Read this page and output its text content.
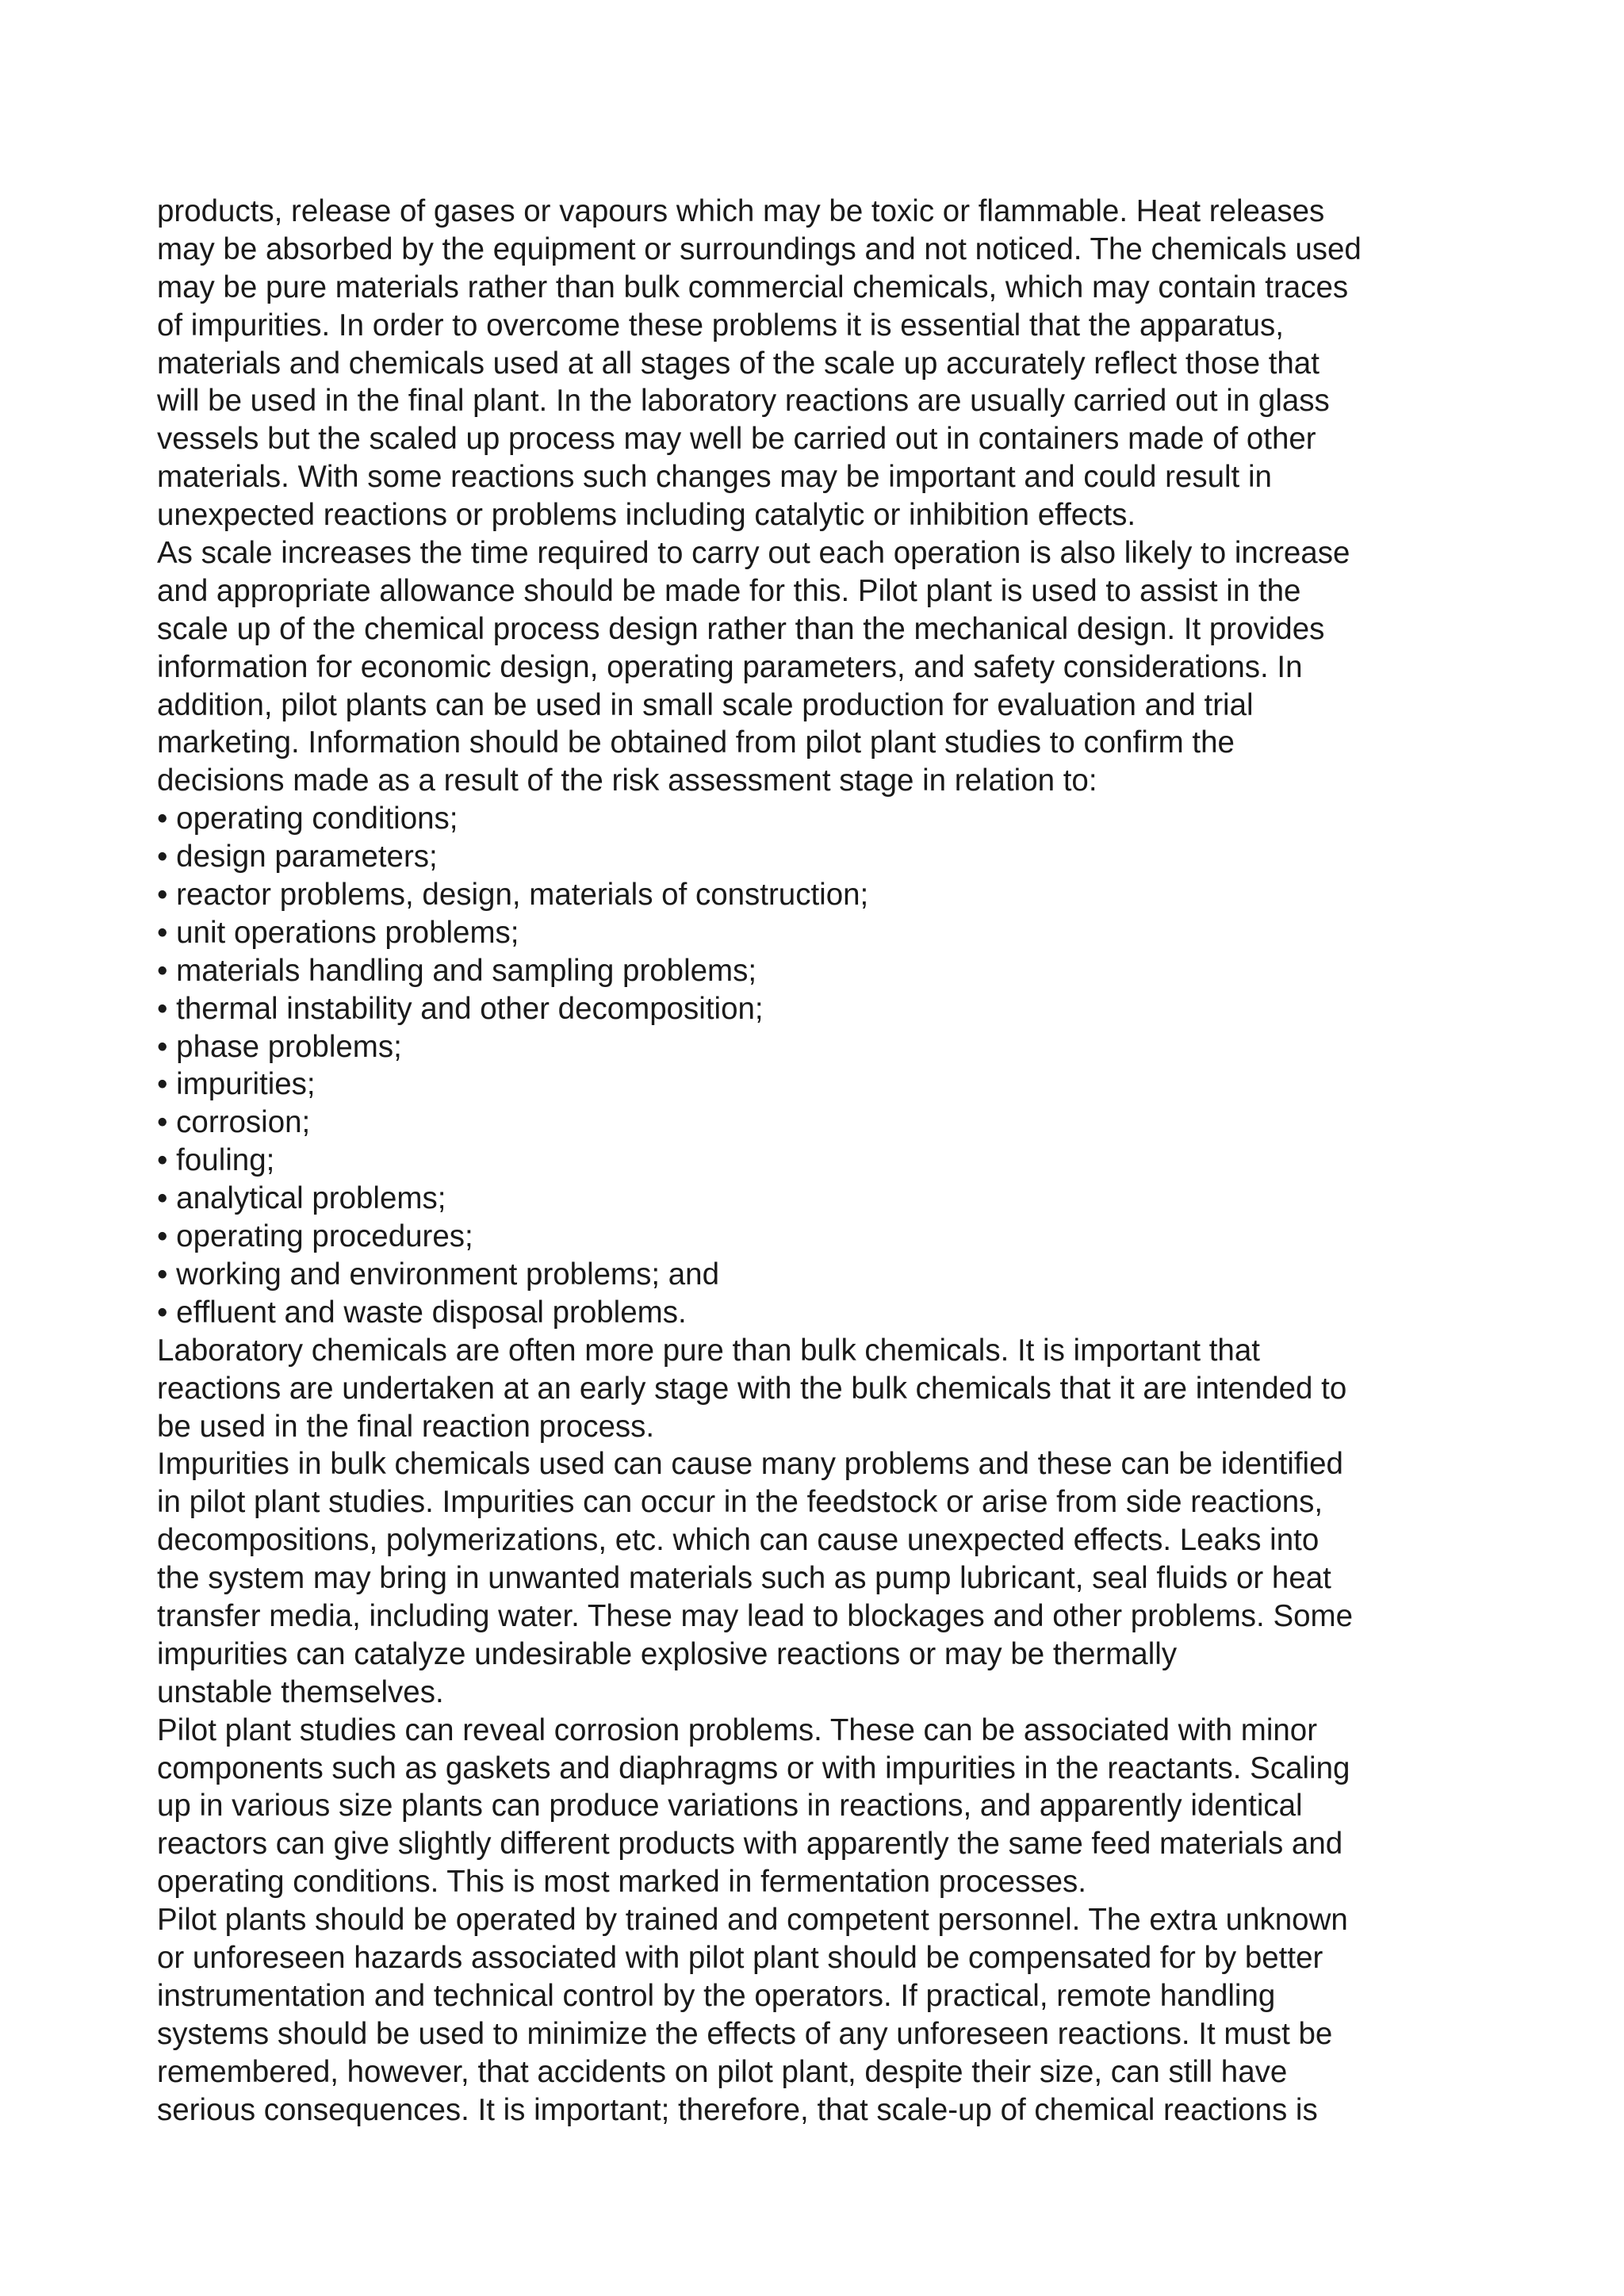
products, release of gases or vapours which may be toxic or flammable. Heat releases
may be absorbed by the equipment or surroundings and not noticed. The chemicals used
may be pure materials rather than bulk commercial chemicals, which may contain traces
of impurities. In order to overcome these problems it is essential that the apparatus,
materials and chemicals used at all stages of the scale up accurately reflect those that
will be used in the final plant. In the laboratory reactions are usually carried out in glass
vessels but the scaled up process may well be carried out in containers made of other
materials. With some reactions such changes may be important and could result in
unexpected reactions or problems including catalytic or inhibition effects.
As scale increases the time required to carry out each operation is also likely to increase
and appropriate allowance should be made for this. Pilot plant is used to assist in the
scale up of the chemical process design rather than the mechanical design. It provides
information for economic design, operating parameters, and safety considerations. In
addition, pilot plants can be used in small scale production for evaluation and trial
marketing. Information should be obtained from pilot plant studies to confirm the
decisions made as a result of the risk assessment stage in relation to:
• operating conditions;
• design parameters;
• reactor problems, design, materials of construction;
• unit operations problems;
• materials handling and sampling problems;
• thermal instability and other decomposition;
• phase problems;
• impurities;
• corrosion;
• fouling;
• analytical problems;
• operating procedures;
• working and environment problems; and
• effluent and waste disposal problems.
Laboratory chemicals are often more pure than bulk chemicals. It is important that
reactions are undertaken at an early stage with the bulk chemicals that it are intended to
be used in the final reaction process.
Impurities in bulk chemicals used can cause many problems and these can be identified
in pilot plant studies. Impurities can occur in the feedstock or arise from side reactions,
decompositions, polymerizations, etc. which can cause unexpected effects. Leaks into
the system may bring in unwanted materials such as pump lubricant, seal fluids or heat
transfer media, including water. These may lead to blockages and other problems. Some
impurities can catalyze undesirable explosive reactions or may be thermally
unstable themselves.
Pilot plant studies can reveal corrosion problems. These can be associated with minor
components such as gaskets and diaphragms or with impurities in the reactants. Scaling
up in various size plants can produce variations in reactions, and apparently identical
reactors can give slightly different products with apparently the same feed materials and
operating conditions. This is most marked in fermentation processes.
Pilot plants should be operated by trained and competent personnel. The extra unknown
or unforeseen hazards associated with pilot plant should be compensated for by better
instrumentation and technical control by the operators. If practical, remote handling
systems should be used to minimize the effects of any unforeseen reactions. It must be
remembered, however, that accidents on pilot plant, despite their size, can still have
serious consequences. It is important; therefore, that scale-up of chemical reactions is
